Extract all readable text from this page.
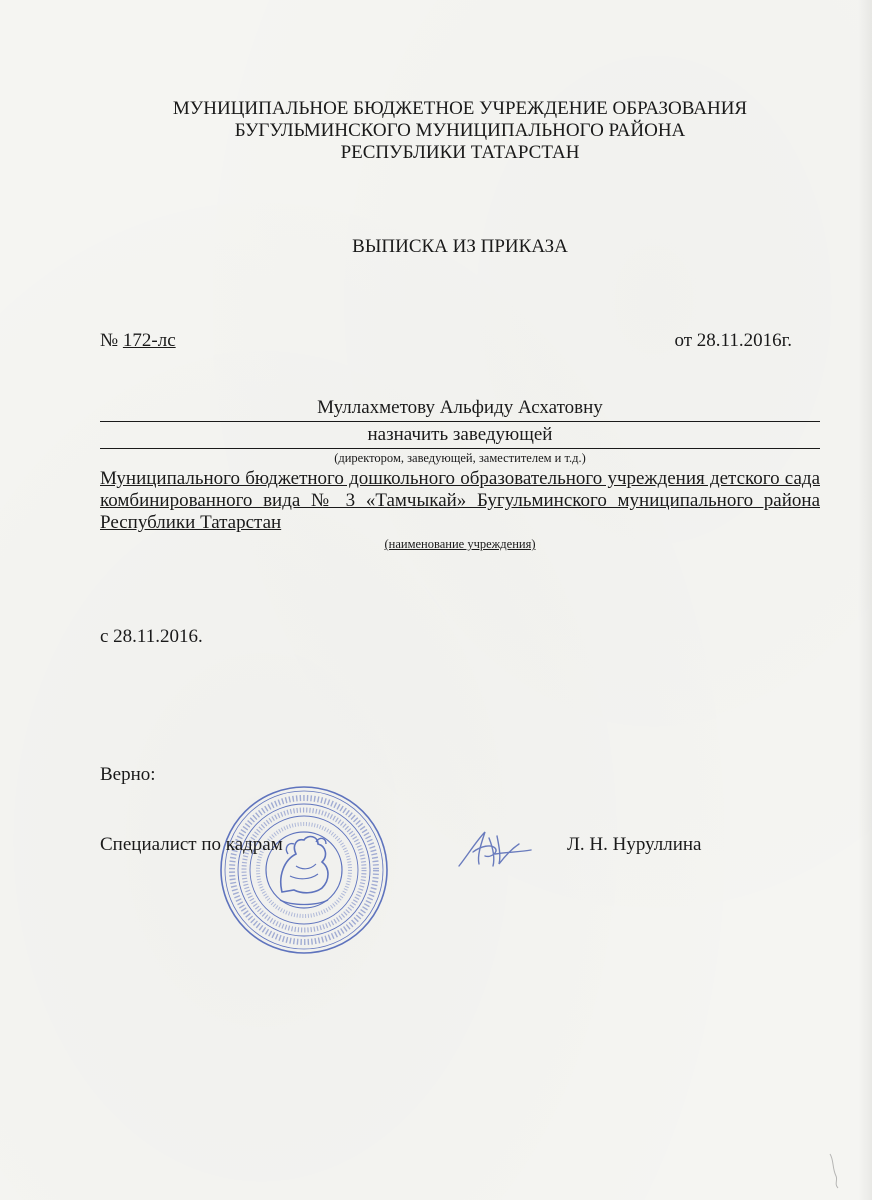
МУНИЦИПАЛЬНОЕ БЮДЖЕТНОЕ УЧРЕЖДЕНИЕ ОБРАЗОВАНИЯ
БУГУЛЬМИНСКОГО МУНИЦИПАЛЬНОГО РАЙОНА
РЕСПУБЛИКИ ТАТАРСТАН
ВЫПИСКА ИЗ ПРИКАЗА
№ 172-лс	от 28.11.2016г.
Муллахметову Альфиду Асхатовну
назначить заведующей
(директором, заведующей, заместителем и т.д.)
Муниципального бюджетного дошкольного образовательного учреждения детского сада комбинированного вида № 3 «Тамчыкай» Бугульминского муниципального района Республики Татарстан
(наименование учреждения)
с 28.11.2016.
Верно:
Специалист по кадрам	Л. Н. Нуруллина
